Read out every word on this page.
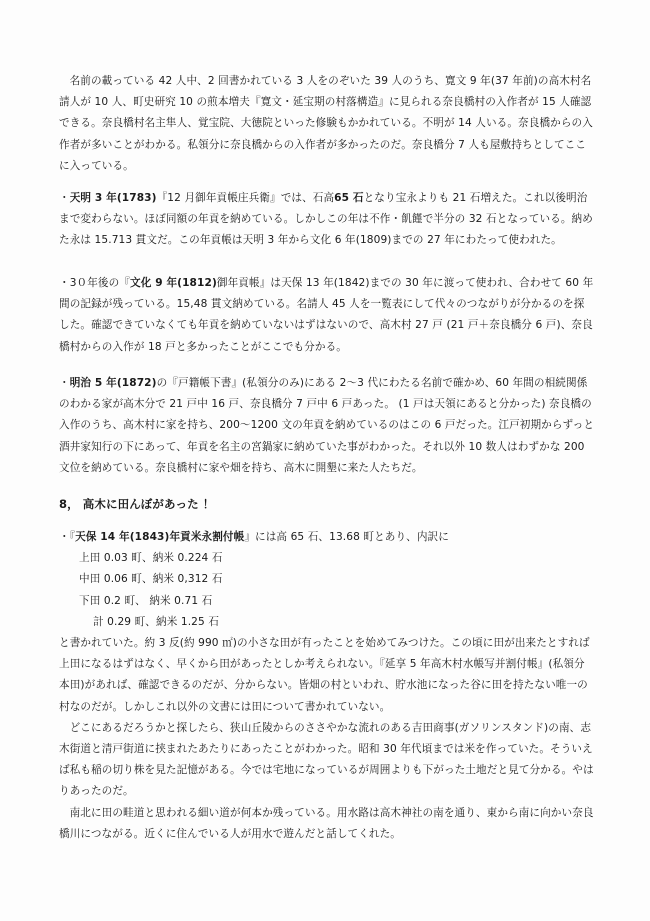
名前の載っている 42 人中、2 回書かれている 3 人をのぞいた 39 人のうち、寛文 9 年(37 年前)の高木村名請人が 10 人、町史研究 10 の煎本増夫『寛文・延宝期の村落構造』に見られる奈良橋村の入作者が 15 人確認できる。奈良橋村名主隼人、覚宝院、大徳院といった修験もかかれている。不明が 14 人いる。奈良橋からの入作者が多いことがわかる。私領分に奈良橋からの入作者が多かったのだ。奈良橋分 7 人も屋敷持ちとしてここに入っている。

・天明 3 年(1783)『12 月御年貢帳庄兵衛』では、石高65 石となり宝永よりも 21 石増えた。これ以後明治まで変わらない。ほぼ同額の年貢を納めている。しかしこの年は不作・飢饉で半分の 32 石となっている。納めた永は 15.713 貫文だ。この年貢帳は天明 3 年から文化 6 年(1809)までの 27 年にわたって使われた。

・3０年後の『文化 9 年(1812)御年貢帳』は天保 13 年(1842)までの 30 年に渡って使われ、合わせて 60 年間の記録が残っている。15,48 貫文納めている。名請人 45 人を一覧表にして代々のつながりが分かるのを探した。確認できていなくても年貢を納めていないはずはないので、高木村 27 戸 (21 戸＋奈良橋分 6 戸)、奈良橋村からの入作が 18 戸と多かったことがここでも分かる。

・明治 5 年(1872)の『戸籍帳下書』(私領分のみ)にある 2～3 代にわたる名前で確かめ、60 年間の相続関係のわかる家が高木分で 21 戸中 16 戸、奈良橋分 7 戸中 6 戸あった。 (1 戸は天領にあると分かった) 奈良橋の入作のうち、高木村に家を持ち、200～1200 文の年貢を納めているのはこの 6 戸だった。江戸初期からずっと酒井家知行の下にあって、年貢を名主の宮鍋家に納めていた事がわかった。それ以外 10 数人はわずかな 200 文位を納めている。奈良橋村に家や畑を持ち、高木に開墾に来た人たちだ。

8， 高木に田んぼがあった ！

・『天保 14 年(1843)年貢米永割付帳』には高 65 石、13.68 町とあり、内訳に

上田 0.03 町、納米 0.224 石
中田 0.06 町、納米 0,312 石
下田 0.2 町、 納米 0.71 石
計 0.29 町、納米 1.25 石

と書かれていた。約 3 反(約 990 ㎡)の小さな田が有ったことを始めてみつけた。この頃に田が出来たとすれば上田になるはずはなく、早くから田があったとしか考えられない。『延享 5 年高木村水帳写并割付帳』(私領分本田)があれば、確認できるのだが、分からない。皆畑の村といわれ、貯水池になった谷に田を持たない唯一の村なのだが。しかしこれ以外の文書には田について書かれていない。

どこにあるだろうかと探したら、狭山丘陵からのささやかな流れのある吉田商事(ガソリンスタンド)の南、志木街道と清戸街道に挟まれたあたりにあったことがわかった。昭和 30 年代頃までは米を作っていた。そういえば私も稲の切り株を見た記憶がある。今では宅地になっているが周囲よりも下がった土地だと見て分かる。やはりあったのだ。

南北に田の畦道と思われる細い道が何本か残っている。用水路は高木神社の南を通り、東から南に向かい奈良橋川につながる。近くに住んでいる人が用水で遊んだと話してくれた。
